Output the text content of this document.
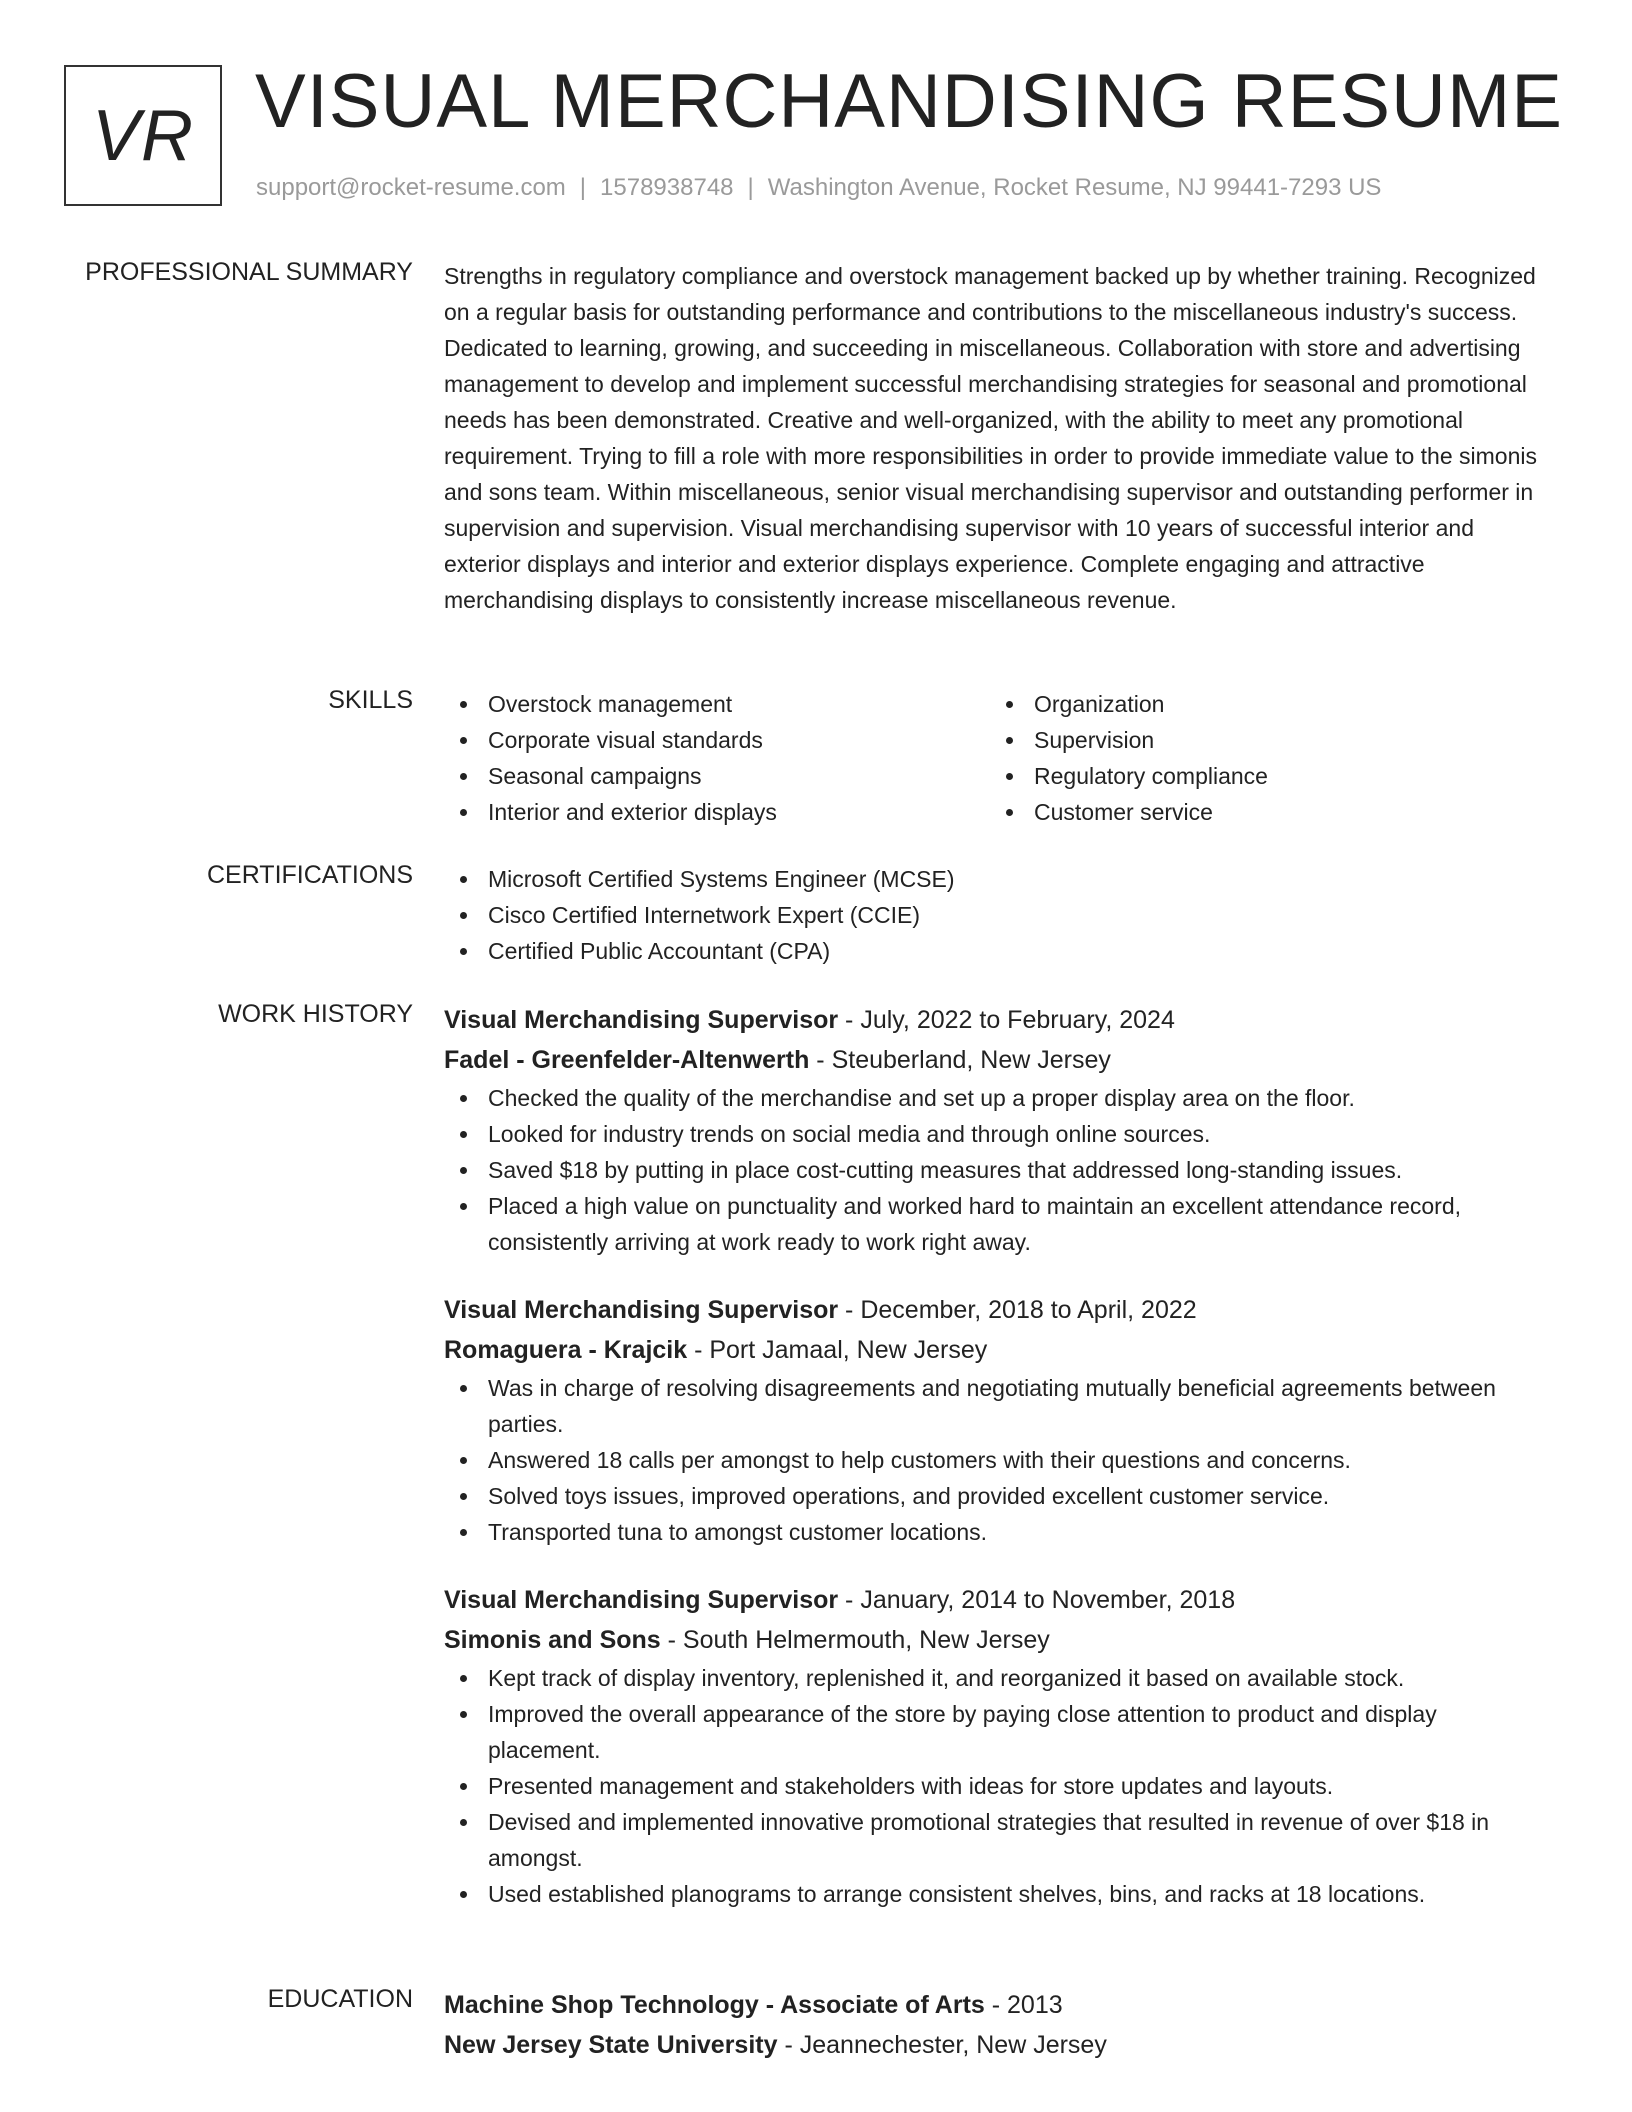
VR VISUAL MERCHANDISING RESUME
support@rocket-resume.com | 1578938748 | Washington Avenue, Rocket Resume, NJ 99441-7293 US
PROFESSIONAL SUMMARY Strengths in regulatory compliance and overstock management backed up by whether training. Recognized on a regular basis for outstanding performance and contributions to the miscellaneous industry's success. Dedicated to learning, growing, and succeeding in miscellaneous. Collaboration with store and advertising management to develop and implement successful merchandising strategies for seasonal and promotional needs has been demonstrated. Creative and well-organized, with the ability to meet any promotional requirement. Trying to fill a role with more responsibilities in order to provide immediate value to the simonis and sons team. Within miscellaneous, senior visual merchandising supervisor and outstanding performer in supervision and supervision. Visual merchandising supervisor with 10 years of successful interior and exterior displays and interior and exterior displays experience. Complete engaging and attractive merchandising displays to consistently increase miscellaneous revenue.

SKILLS	Overstock management
Corporate visual standards
Seasonal campaigns
Interior and exterior displays
Organization
Supervision
Regulatory compliance
Customer service
CERTIFICATIONS	Microsoft Certified Systems Engineer (MCSE)
Cisco Certified Internetwork Expert (CCIE)
Certified Public Accountant (CPA)
WORK HISTORY Visual Merchandising Supervisor - July, 2022 to February, 2024
Fadel - Greenfelder-Altenwerth - Steuberland, New Jersey
Checked the quality of the merchandise and set up a proper display area on the floor.
Looked for industry trends on social media and through online sources.
Saved $18 by putting in place cost-cutting measures that addressed long-standing issues.
Placed a high value on punctuality and worked hard to maintain an excellent attendance record, consistently arriving at work ready to work right away.
Visual Merchandising Supervisor - December, 2018 to April, 2022
Romaguera - Krajcik - Port Jamaal, New Jersey
Was in charge of resolving disagreements and negotiating mutually beneficial agreements between parties.
Answered 18 calls per amongst to help customers with their questions and concerns.
Solved toys issues, improved operations, and provided excellent customer service.
Transported tuna to amongst customer locations.
Visual Merchandising Supervisor - January, 2014 to November, 2018
Simonis and Sons - South Helmermouth, New Jersey
Kept track of display inventory, replenished it, and reorganized it based on available stock.
Improved the overall appearance of the store by paying close attention to product and display placement.
Presented management and stakeholders with ideas for store updates and layouts.
Devised and implemented innovative promotional strategies that resulted in revenue of over $18 in amongst.
Used established planograms to arrange consistent shelves, bins, and racks at 18 locations.
EDUCATION Machine Shop Technology - Associate of Arts - 2013
New Jersey State University - Jeannechester, New Jersey
